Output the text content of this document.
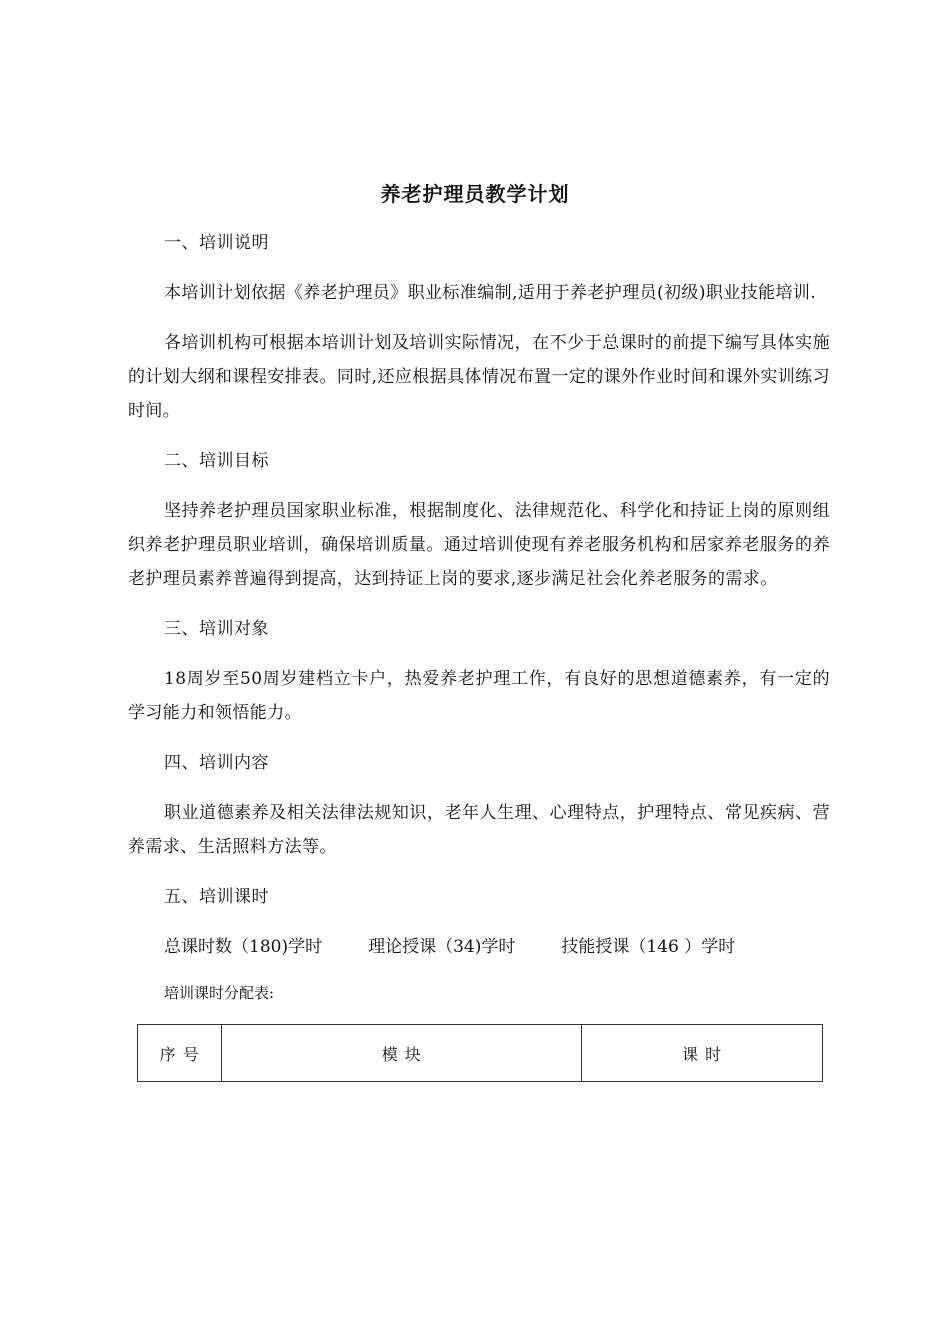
养老护理员教学计划
一、培训说明
本培训计划依据《养老护理员》职业标准编制,适用于养老护理员(初级)职业技能培训.
各培训机构可根据本培训计划及培训实际情况，在不少于总课时的前提下编写具体实施的计划大纲和课程安排表。同时,还应根据具体情况布置一定的课外作业时间和课外实训练习时间。
二、培训目标
坚持养老护理员国家职业标准，根据制度化、法律规范化、科学化和持证上岗的原则组织养老护理员职业培训，确保培训质量。通过培训使现有养老服务机构和居家养老服务的养老护理员素养普遍得到提高，达到持证上岗的要求,逐步满足社会化养老服务的需求。
三、培训对象
18周岁至50周岁建档立卡户，热爱养老护理工作，有良好的思想道德素养，有一定的学习能力和领悟能力。
四、培训内容
职业道德素养及相关法律法规知识，老年人生理、心理特点，护理特点、常见疾病、营养需求、生活照料方法等。
五、培训课时
总课时数（180)学时	理论授课（34)学时	技能授课（146 ）学时
培训课时分配表:
序 号	模 块	课 时
